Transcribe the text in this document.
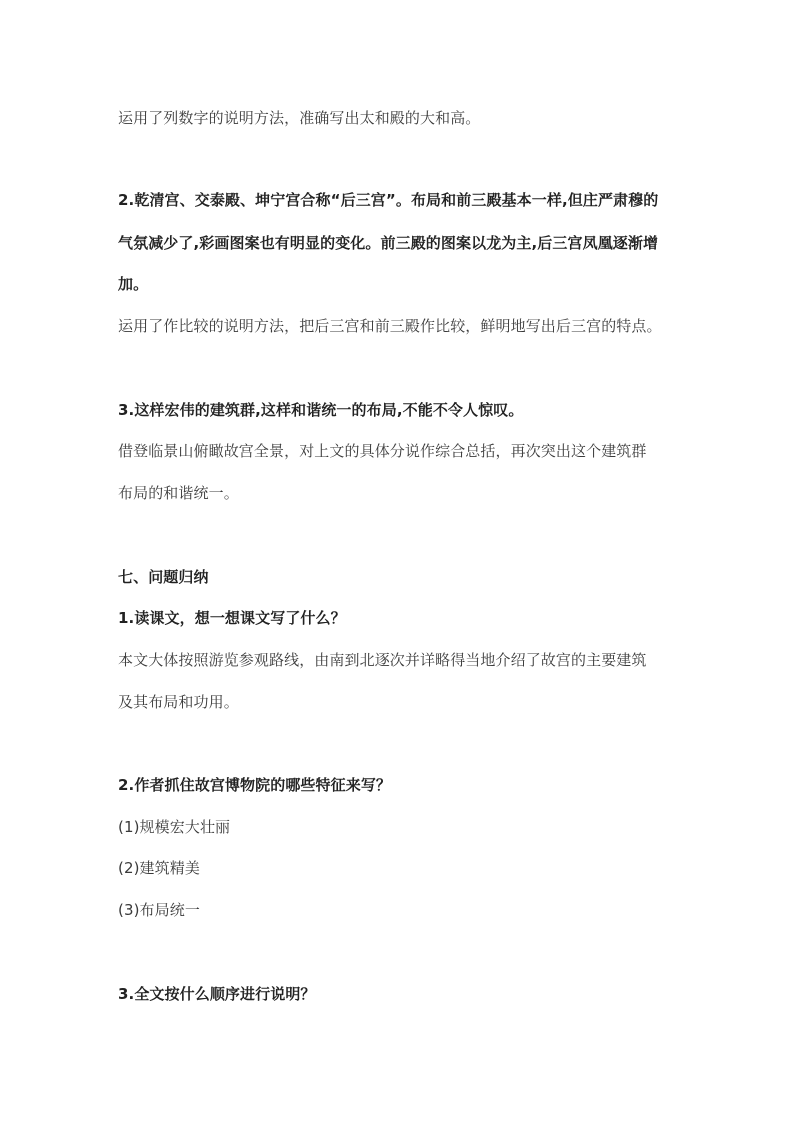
运用了列数字的说明方法，准确写出太和殿的大和高。
2.乾清宫、交泰殿、坤宁宫合称“后三宫”。布局和前三殿基本一样,但庄严肃穆的
气氛减少了,彩画图案也有明显的变化。前三殿的图案以龙为主,后三宫凤凰逐渐增
加。
运用了作比较的说明方法，把后三宫和前三殿作比较，鲜明地写出后三宫的特点。
3.这样宏伟的建筑群,这样和谐统一的布局,不能不令人惊叹。
借登临景山俯瞰故宫全景，对上文的具体分说作综合总括，再次突出这个建筑群
布局的和谐统一。
七、问题归纳
1.读课文，想一想课文写了什么？
本文大体按照游览参观路线，由南到北逐次并详略得当地介绍了故宫的主要建筑
及其布局和功用。
2.作者抓住故宫博物院的哪些特征来写？
(1)规模宏大壮丽
(2)建筑精美
(3)布局统一
3.全文按什么顺序进行说明？
